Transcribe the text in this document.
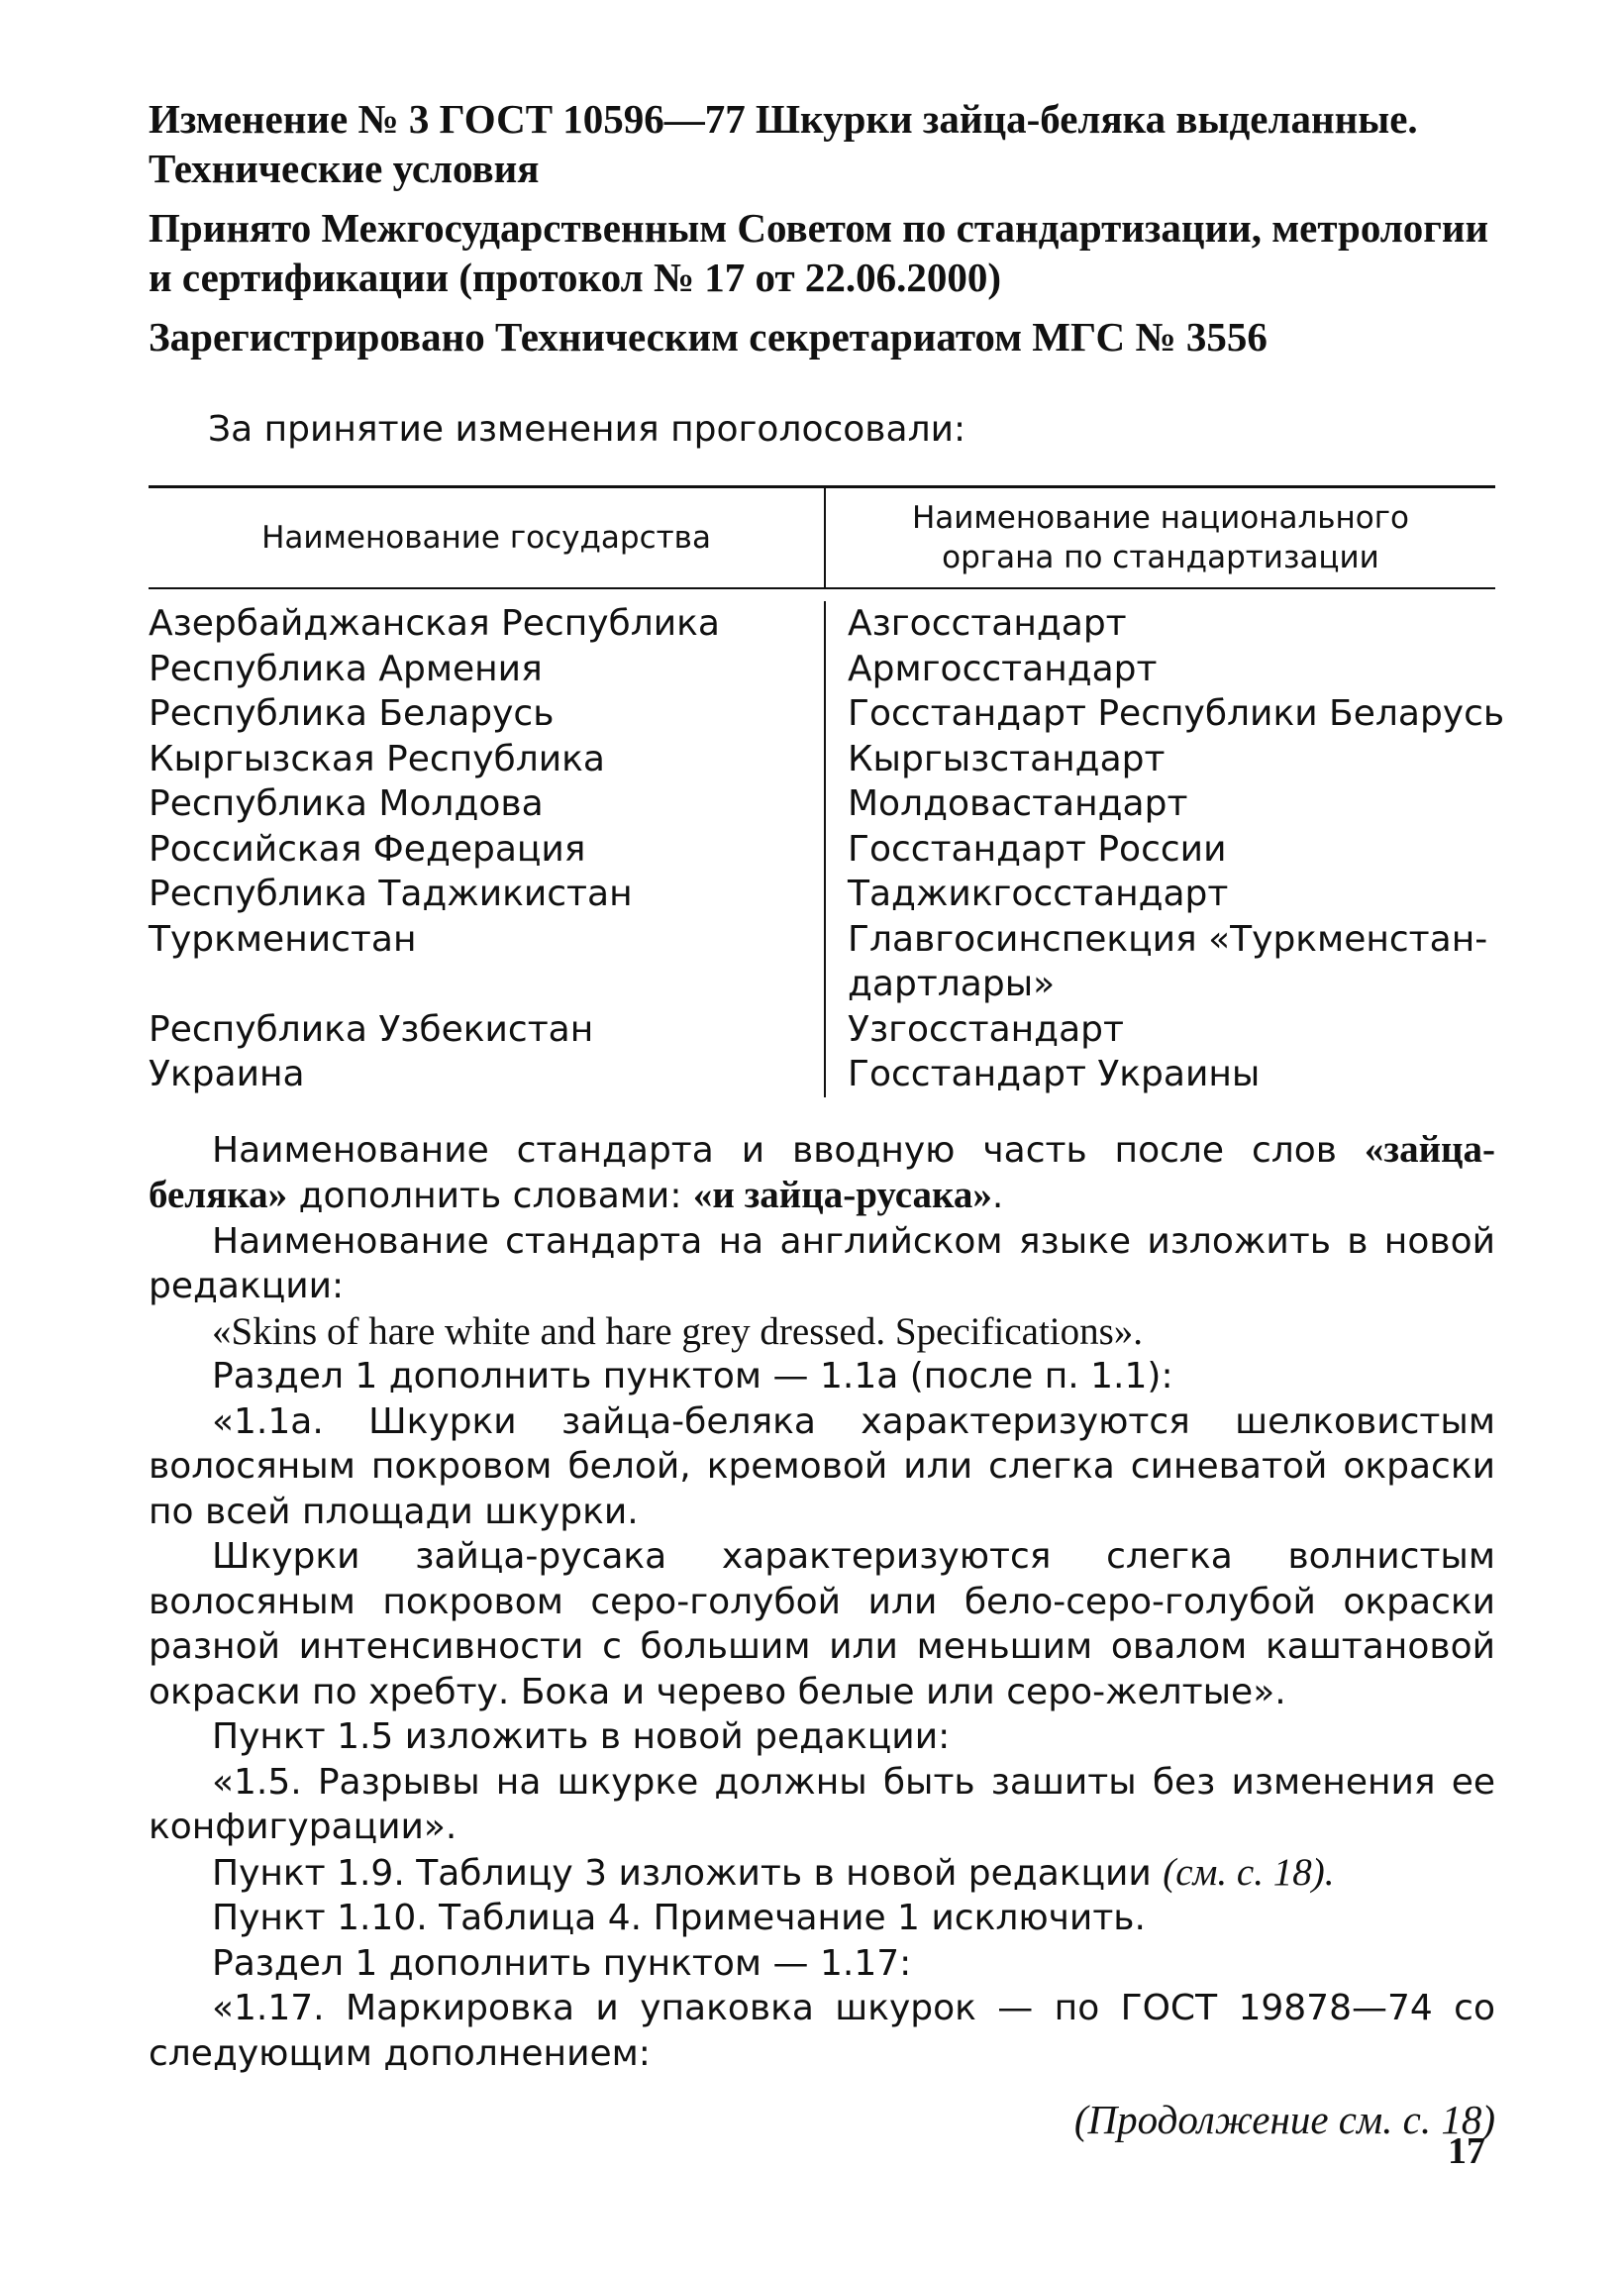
Изменение № 3 ГОСТ 10596—77 Шкурки зайца-беляка выделанные. Технические условия

Принято Межгосударственным Советом по стандартизации, метрологии и сертификации (протокол № 17 от 22.06.2000)

Зарегистрировано Техническим секретариатом МГС № 3556

За принятие изменения проголосовали:

Наименование государства
Наименование национального
органа по стандартизации
Азербайджанская Республика
Республика Армения
Республика Беларусь
Кыргызская Республика
Республика Молдова
Российская Федерация
Республика Таджикистан
Туркменистан
Республика Узбекистан
Украина
Азгосстандарт
Армгосстандарт
Госстандарт Республики Беларусь
Кыргызстандарт
Молдовастандарт
Госстандарт России
Таджикгосстандарт
Главгосинспекция «Туркменстан-дартлары»
Узгосстандарт
Госстандарт Украины

Наименование стандарта и вводную часть после слов «зайца-беляка» дополнить словами: «и зайца-русака».

Наименование стандарта на английском языке изложить в новой редакции:

«Skins of hare white and hare grey dressed. Specifications».

Раздел 1 дополнить пунктом — 1.1а (после п. 1.1):

«1.1а. Шкурки зайца-беляка характеризуются шелковистым волосяным покровом белой, кремовой или слегка синеватой окраски по всей площади шкурки.

Шкурки зайца-русака характеризуются слегка волнистым волосяным покровом серо-голубой или бело-серо-голубой окраски разной интенсивности с большим или меньшим овалом каштановой окраски по хребту. Бока и черево белые или серо-желтые».

Пункт 1.5 изложить в новой редакции:

«1.5. Разрывы на шкурке должны быть зашиты без изменения ее конфигурации».

Пункт 1.9. Таблицу 3 изложить в новой редакции (см. с. 18).

Пункт 1.10. Таблица 4. Примечание 1 исключить.

Раздел 1 дополнить пунктом — 1.17:

«1.17. Маркировка и упаковка шкурок — по ГОСТ 19878—74 со следующим дополнением:

(Продолжение см. с. 18)
17
